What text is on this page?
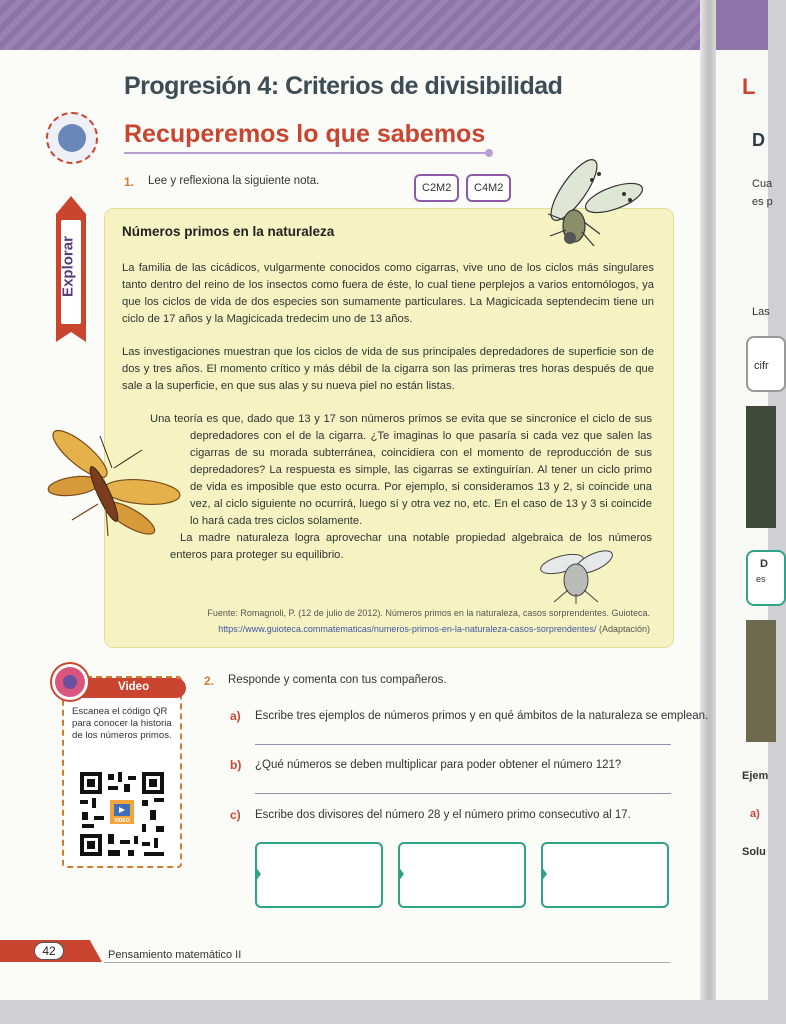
L
D
Cua
es p
Las
cifr
D
es
Ejem
a)
Solu
Progresión 4: Criterios de divisibilidad
Recuperemos lo que sabemos
Explorar
1. Lee y reflexiona la siguiente nota.
C2M2	C4M2
Números primos en la naturaleza
La familia de las cicádicos, vulgarmente conocidos como cigarras, vive uno de los ciclos más singulares tanto dentro del reino de los insectos como fuera de éste, lo cual tiene perplejos a varios entomólogos, ya que los ciclos de vida de dos especies son sumamente particulares. La Magicicada septendecim tiene un ciclo de 17 años y la Magicicada tredecim uno de 13 años.
Las investigaciones muestran que los ciclos de vida de sus principales depredadores de superficie son de dos y tres años. El momento crítico y más débil de la cigarra son las primeras tres horas después de que sale a la superficie, en que sus alas y su nueva piel no están listas.
Una teoría es que, dado que 13 y 17 son números primos se evita que se sincronice el ciclo de sus depredadores con el de la cigarra. ¿Te imaginas lo que pasaría si cada vez que salen las cigarras de su morada subterránea, coincidiera con el momento de reproducción de sus depredadores? La respuesta es simple, las cigarras se extinguirían. Al tener un ciclo primo de vida es imposible que esto ocurra. Por ejemplo, si consideramos 13 y 2, si coincide una vez, al ciclo siguiente no ocurrirá, luego sí y otra vez no, etc. En el caso de 13 y 3 si coincide lo hará cada tres ciclos solamente.
La madre naturaleza logra aprovechar una notable propiedad algebraica de los números enteros para proteger su equilibrio.
Fuente: Romagnoli, P. (12 de julio de 2012). Números primos en la naturaleza, casos sorprendentes. Guioteca.
https://www.guioteca.commatematicas/numeros-primos-en-la-naturaleza-casos-sorprendentes/ (Adaptación)
Video
Escanea el código QR para conocer la historia de los números primos.
VIDEO
2. Responde y comenta con tus compañeros.
a) Escribe tres ejemplos de números primos y en qué ámbitos de la naturaleza se emplean.
b) ¿Qué números se deben multiplicar para poder obtener el número 121?
c) Escribe dos divisores del número 28 y el número primo consecutivo al 17.
42	Pensamiento matemático II
